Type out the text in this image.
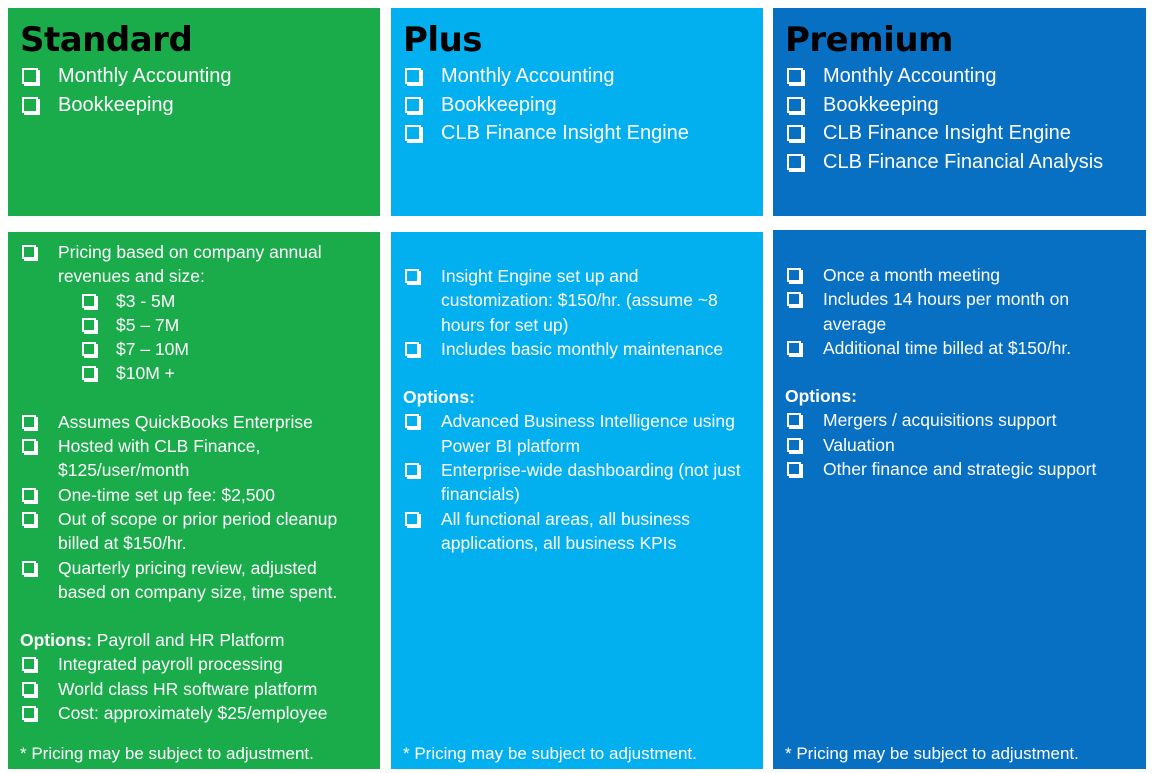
Standard
Monthly Accounting
Bookkeeping
Pricing based on company annual revenues and size:
$3 - 5M
$5 – 7M
$7 – 10M
$10M +
Assumes QuickBooks Enterprise
Hosted with CLB Finance, $125/user/month
One-time set up fee: $2,500
Out of scope or prior period cleanup billed at $150/hr.
Quarterly pricing review, adjusted based on company size, time spent.
Options: Payroll and HR Platform
Integrated payroll processing
World class HR software platform
Cost: approximately $25/employee
* Pricing may be subject to adjustment.
Plus
Monthly Accounting
Bookkeeping
CLB Finance Insight Engine
Insight Engine set up and customization: $150/hr. (assume ~8 hours for set up)
Includes basic monthly maintenance
Options:
Advanced Business Intelligence using Power BI platform
Enterprise-wide dashboarding (not just financials)
All functional areas, all business applications, all business KPIs
* Pricing may be subject to adjustment.
Premium
Monthly Accounting
Bookkeeping
CLB Finance Insight Engine
CLB Finance Financial Analysis
Once a month meeting
Includes 14 hours per month on average
Additional time billed at $150/hr.
Options:
Mergers / acquisitions support
Valuation
Other finance and strategic support
* Pricing may be subject to adjustment.
